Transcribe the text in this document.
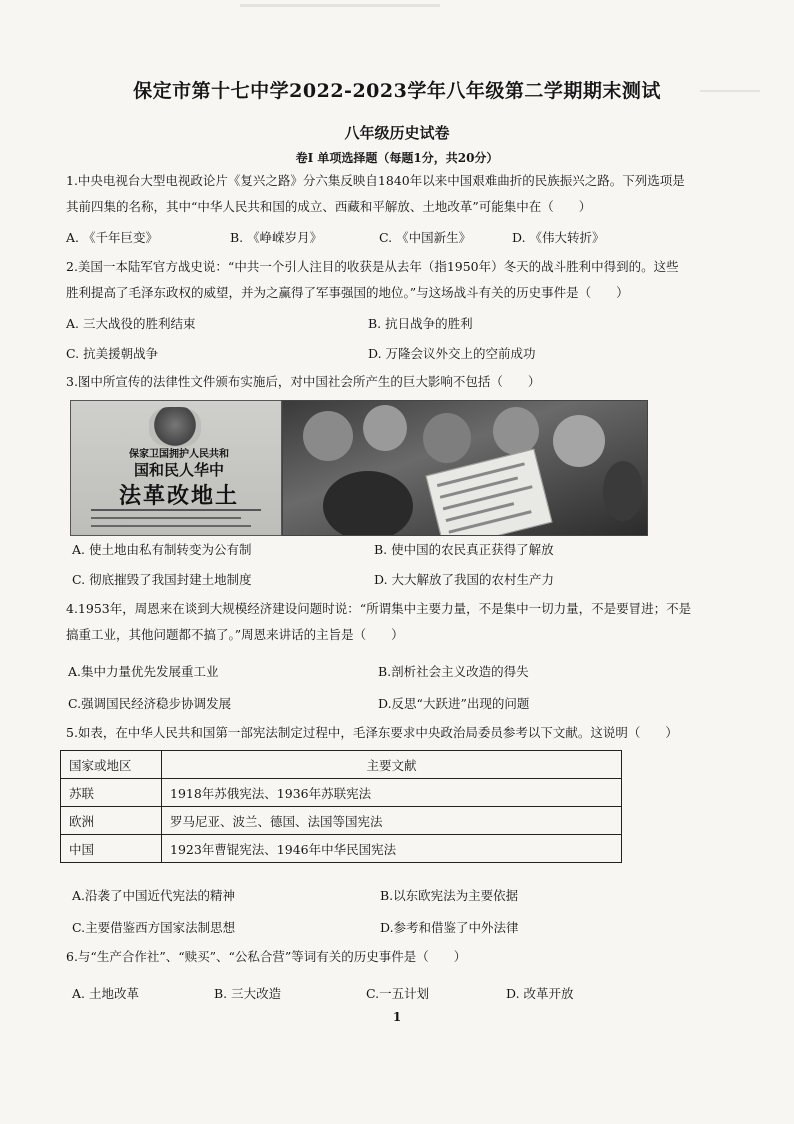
保定市第十七中学2022-2023学年八年级第二学期期末测试
八年级历史试卷
卷Ⅰ 单项选择题（每题1分，共20分）
1.中央电视台大型电视政论片《复兴之路》分六集反映自1840年以来中国艰难曲折的民族振兴之路。下列选项是
其前四集的名称，其中“中华人民共和国的成立、西藏和平解放、土地改革”可能集中在（　　）
A. 《千年巨变》	B. 《峥嵘岁月》	C. 《中国新生》	D. 《伟大转折》
2.美国一本陆军官方战史说：“中共一个引人注目的收获是从去年（指1950年）冬天的战斗胜利中得到的。这些
胜利提高了毛泽东政权的威望，并为之赢得了军事强国的地位。”与这场战斗有关的历史事件是（　　）
A. 三大战役的胜利结束	B. 抗日战争的胜利
C. 抗美援朝战争	D. 万隆会议外交上的空前成功
3.图中所宣传的法律性文件颁布实施后，对中国社会所产生的巨大影响不包括（　　）
保家卫国拥护人民共和
国和民人华中
法革改地土
A. 使土地由私有制转变为公有制	B. 使中国的农民真正获得了解放
C. 彻底摧毁了我国封建土地制度	D. 大大解放了我国的农村生产力
4.1953年，周恩来在谈到大规模经济建设问题时说：“所谓集中主要力量，不是集中一切力量，不是要冒进；不是
搞重工业，其他问题都不搞了。”周恩来讲话的主旨是（　　）
A.集中力量优先发展重工业	B.剖析社会主义改造的得失
C.强调国民经济稳步协调发展	D.反思“大跃进”出现的问题
5.如表，在中华人民共和国第一部宪法制定过程中，毛泽东要求中央政治局委员参考以下文献。这说明（　　）
国家或地区	主要文献
苏联	1918年苏俄宪法、1936年苏联宪法
欧洲	罗马尼亚、波兰、德国、法国等国宪法
中国	1923年曹锟宪法、1946年中华民国宪法
A.沿袭了中国近代宪法的精神	B.以东欧宪法为主要依据
C.主要借鉴西方国家法制思想	D.参考和借鉴了中外法律
6.与“生产合作社”、“赎买”、“公私合营”等词有关的历史事件是（　　）
A. 土地改革	B. 三大改造	C.一五计划	D. 改革开放
1
